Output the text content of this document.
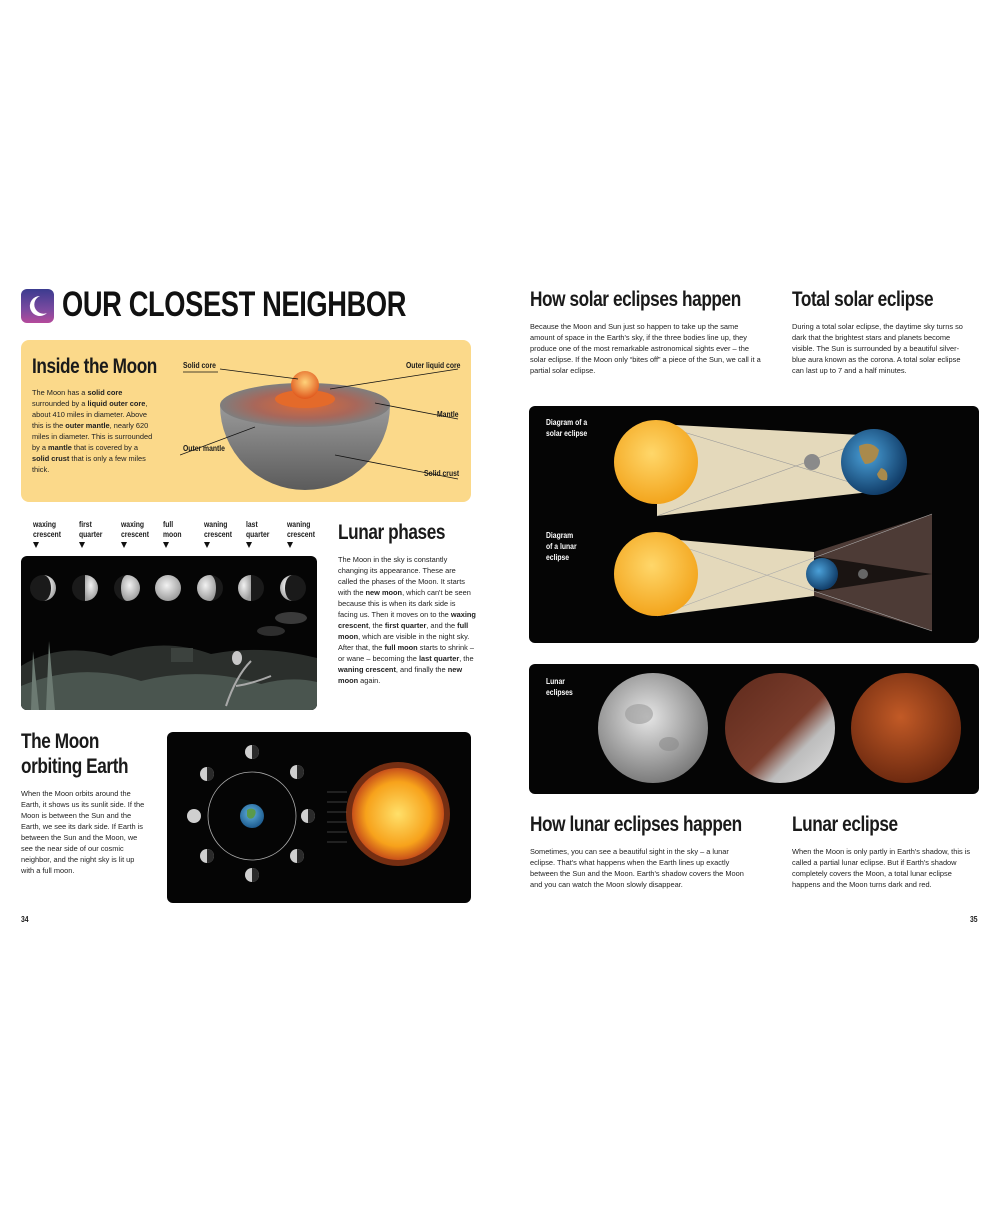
OUR CLOSEST NEIGHBOR
Inside the Moon
The Moon has a solid core surrounded by a liquid outer core, about 410 miles in diameter. Above this is the outer mantle, nearly 620 miles in diameter. This is surrounded by a mantle that is covered by a solid crust that is only a few miles thick.
Solid core	Outer liquid core
Mantle
Outer mantle
Solid crust
waxing
crescent
first
quarter
waxing
crescent
full
moon
waning
crescent
last
quarter
waning
crescent Lunar phases
The Moon in the sky is constantly changing its appearance. These are called the phases of the Moon. It starts with the new moon, which can't be seen because this is when its dark side is facing us. Then it moves on to the waxing crescent, the first quarter, and the full moon, which are visible in the night sky. After that, the full moon starts to shrink – or wane – becoming the last quarter, the waning crescent, and finally the new moon again.
The Moon
orbiting Earth
When the Moon orbits around the Earth, it shows us its sunlit side. If the Moon is between the Sun and the Earth, we see its dark side. If Earth is between the Sun and the Moon, we see the near side of our cosmic neighbor, and the night sky is lit up with a full moon.
34
How solar eclipses happen
Because the Moon and Sun just so happen to take up the same amount of space in the Earth's sky, if the three bodies line up, they produce one of the most remarkable astronomical sights ever – the solar eclipse. If the Moon only “bites off” a piece of the Sun, we call it a partial solar eclipse.
Total solar eclipse
During a total solar eclipse, the daytime sky turns so dark that the brightest stars and planets become visible. The Sun is surrounded by a beautiful silver-blue aura known as the corona. A total solar eclipse can last up to 7 and a half minutes.
Diagram of a
solar eclipse
Diagram
of a lunar
eclipse
Lunar
eclipses
How lunar eclipses happen
Sometimes, you can see a beautiful sight in the sky – a lunar eclipse. That's what happens when the Earth lines up exactly between the Sun and the Moon. Earth's shadow covers the Moon and you can watch the Moon slowly disappear.
Lunar eclipse
When the Moon is only partly in Earth's shadow, this is called a partial lunar eclipse. But if Earth's shadow completely covers the Moon, a total lunar eclipse happens and the Moon turns dark and red.
35
